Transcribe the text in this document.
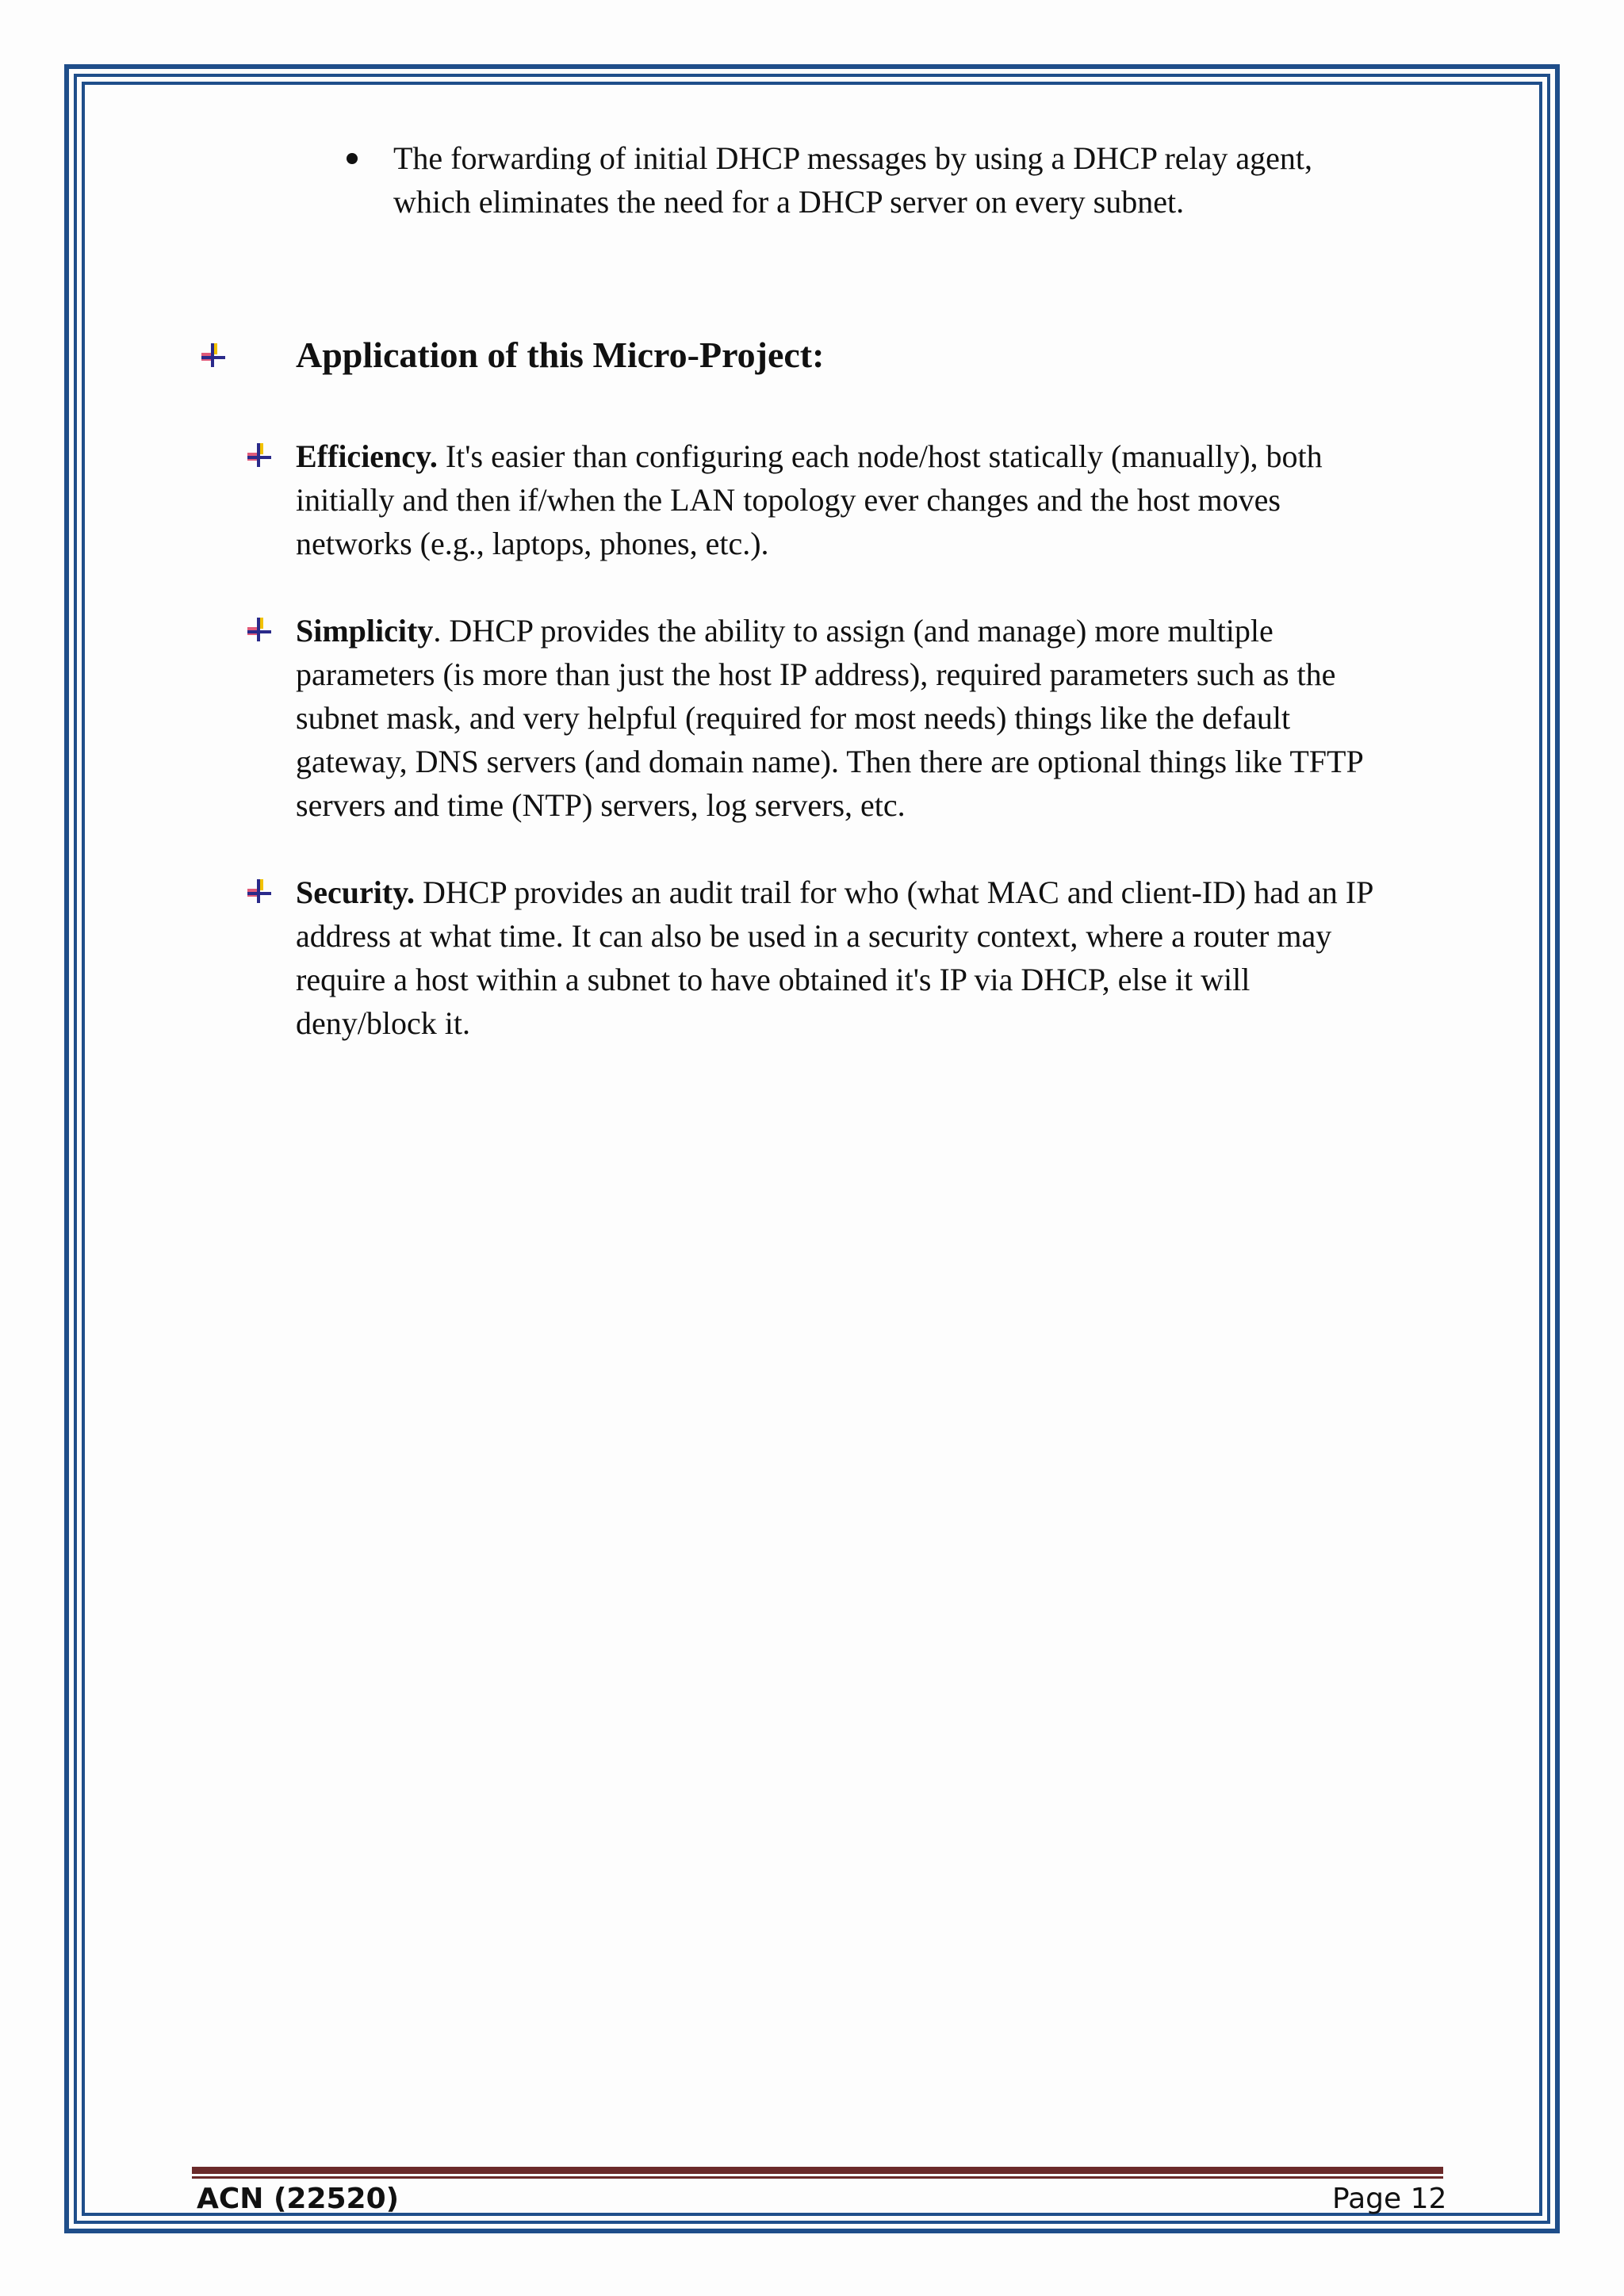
The forwarding of initial DHCP messages by using a DHCP relay agent,
which eliminates the need for a DHCP server on every subnet.
Application of this Micro-Project:
Efficiency. It's easier than configuring each node/host statically (manually), both
initially and then if/when the LAN topology ever changes and the host moves
networks (e.g., laptops, phones, etc.).
Simplicity. DHCP provides the ability to assign (and manage) more multiple
parameters (is more than just the host IP address), required parameters such as the
subnet mask, and very helpful (required for most needs) things like the default
gateway, DNS servers (and domain name). Then there are optional things like TFTP
servers and time (NTP) servers, log servers, etc.
Security. DHCP provides an audit trail for who (what MAC and client-ID) had an IP
address at what time. It can also be used in a security context, where a router may
require a host within a subnet to have obtained it's IP via DHCP, else it will
deny/block it.
ACN (22520)	Page 12
